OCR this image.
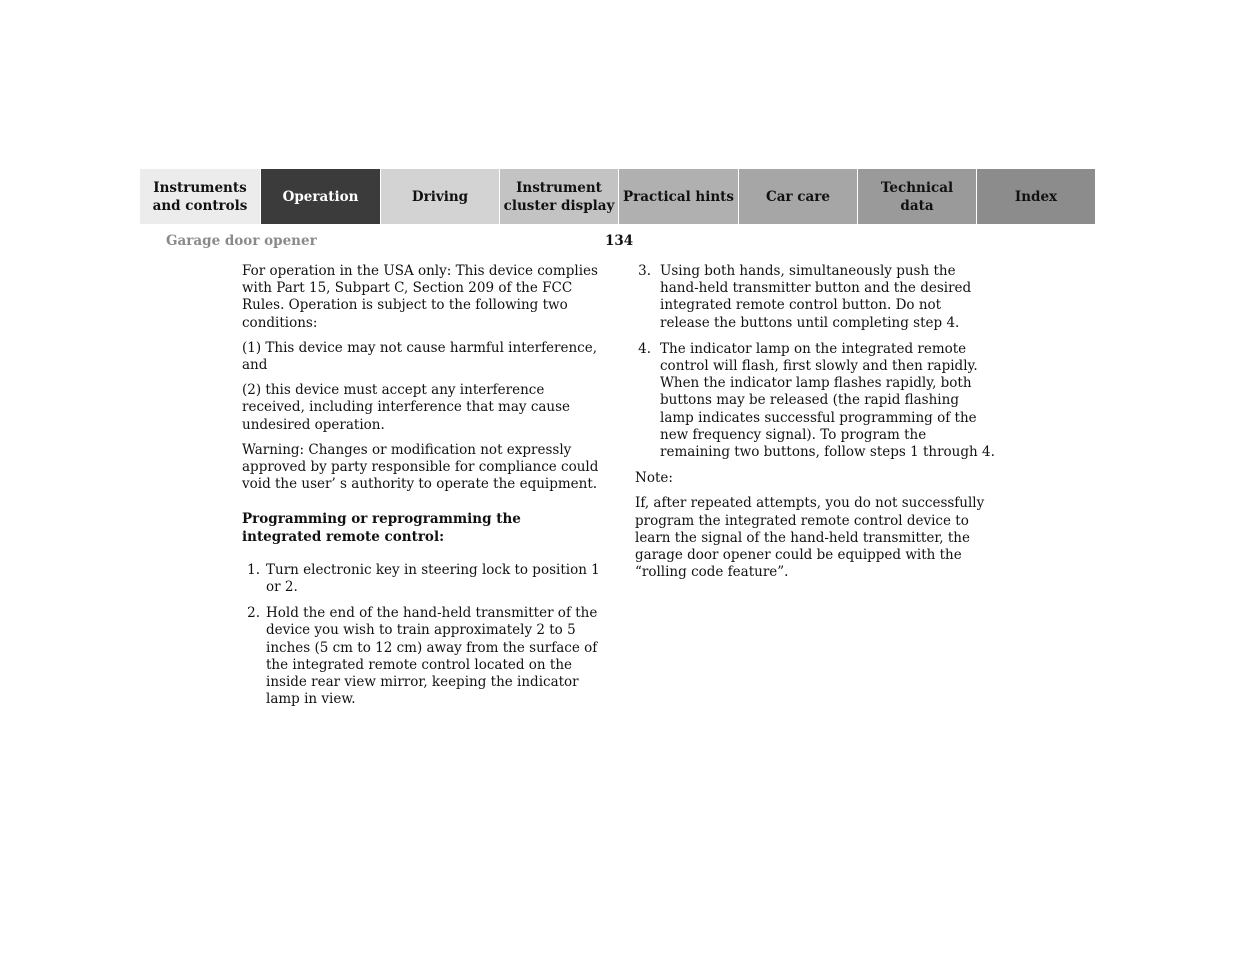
Instruments
and controls
Operation	Driving
Instrument
cluster display
Practical hints	Car care
Technical
data
Index
Garage door opener	134

For operation in the USA only: This device complies with Part 15, Subpart C, Section 209 of the FCC Rules. Operation is subject to the following two conditions:

(1) This device may not cause harmful interference, and

(2) this device must accept any interference received, including interference that may cause undesired operation.

Warning: Changes or modification not expressly approved by party responsible for compliance could void the user’ s authority to operate the equipment.

Programming or reprogramming the integrated remote control:

1. Turn electronic key in steering lock to position 1 or 2.
2. Hold the end of the hand-held transmitter of the device you wish to train approximately 2 to 5 inches (5 cm to 12 cm) away from the surface of the integrated remote control located on the inside rear view mirror, keeping the indicator lamp in view.
3. Using both hands, simultaneously push the hand-held transmitter button and the desired integrated remote control button. Do not release the buttons until completing step 4.
4. The indicator lamp on the integrated remote control will flash, first slowly and then rapidly. When the indicator lamp flashes rapidly, both buttons may be released (the rapid flashing lamp indicates successful programming of the new frequency signal). To program the remaining two buttons, follow steps 1 through 4.

Note:

If, after repeated attempts, you do not successfully program the integrated remote control device to learn the signal of the hand-held transmitter, the garage door opener could be equipped with the “rolling code feature”.
